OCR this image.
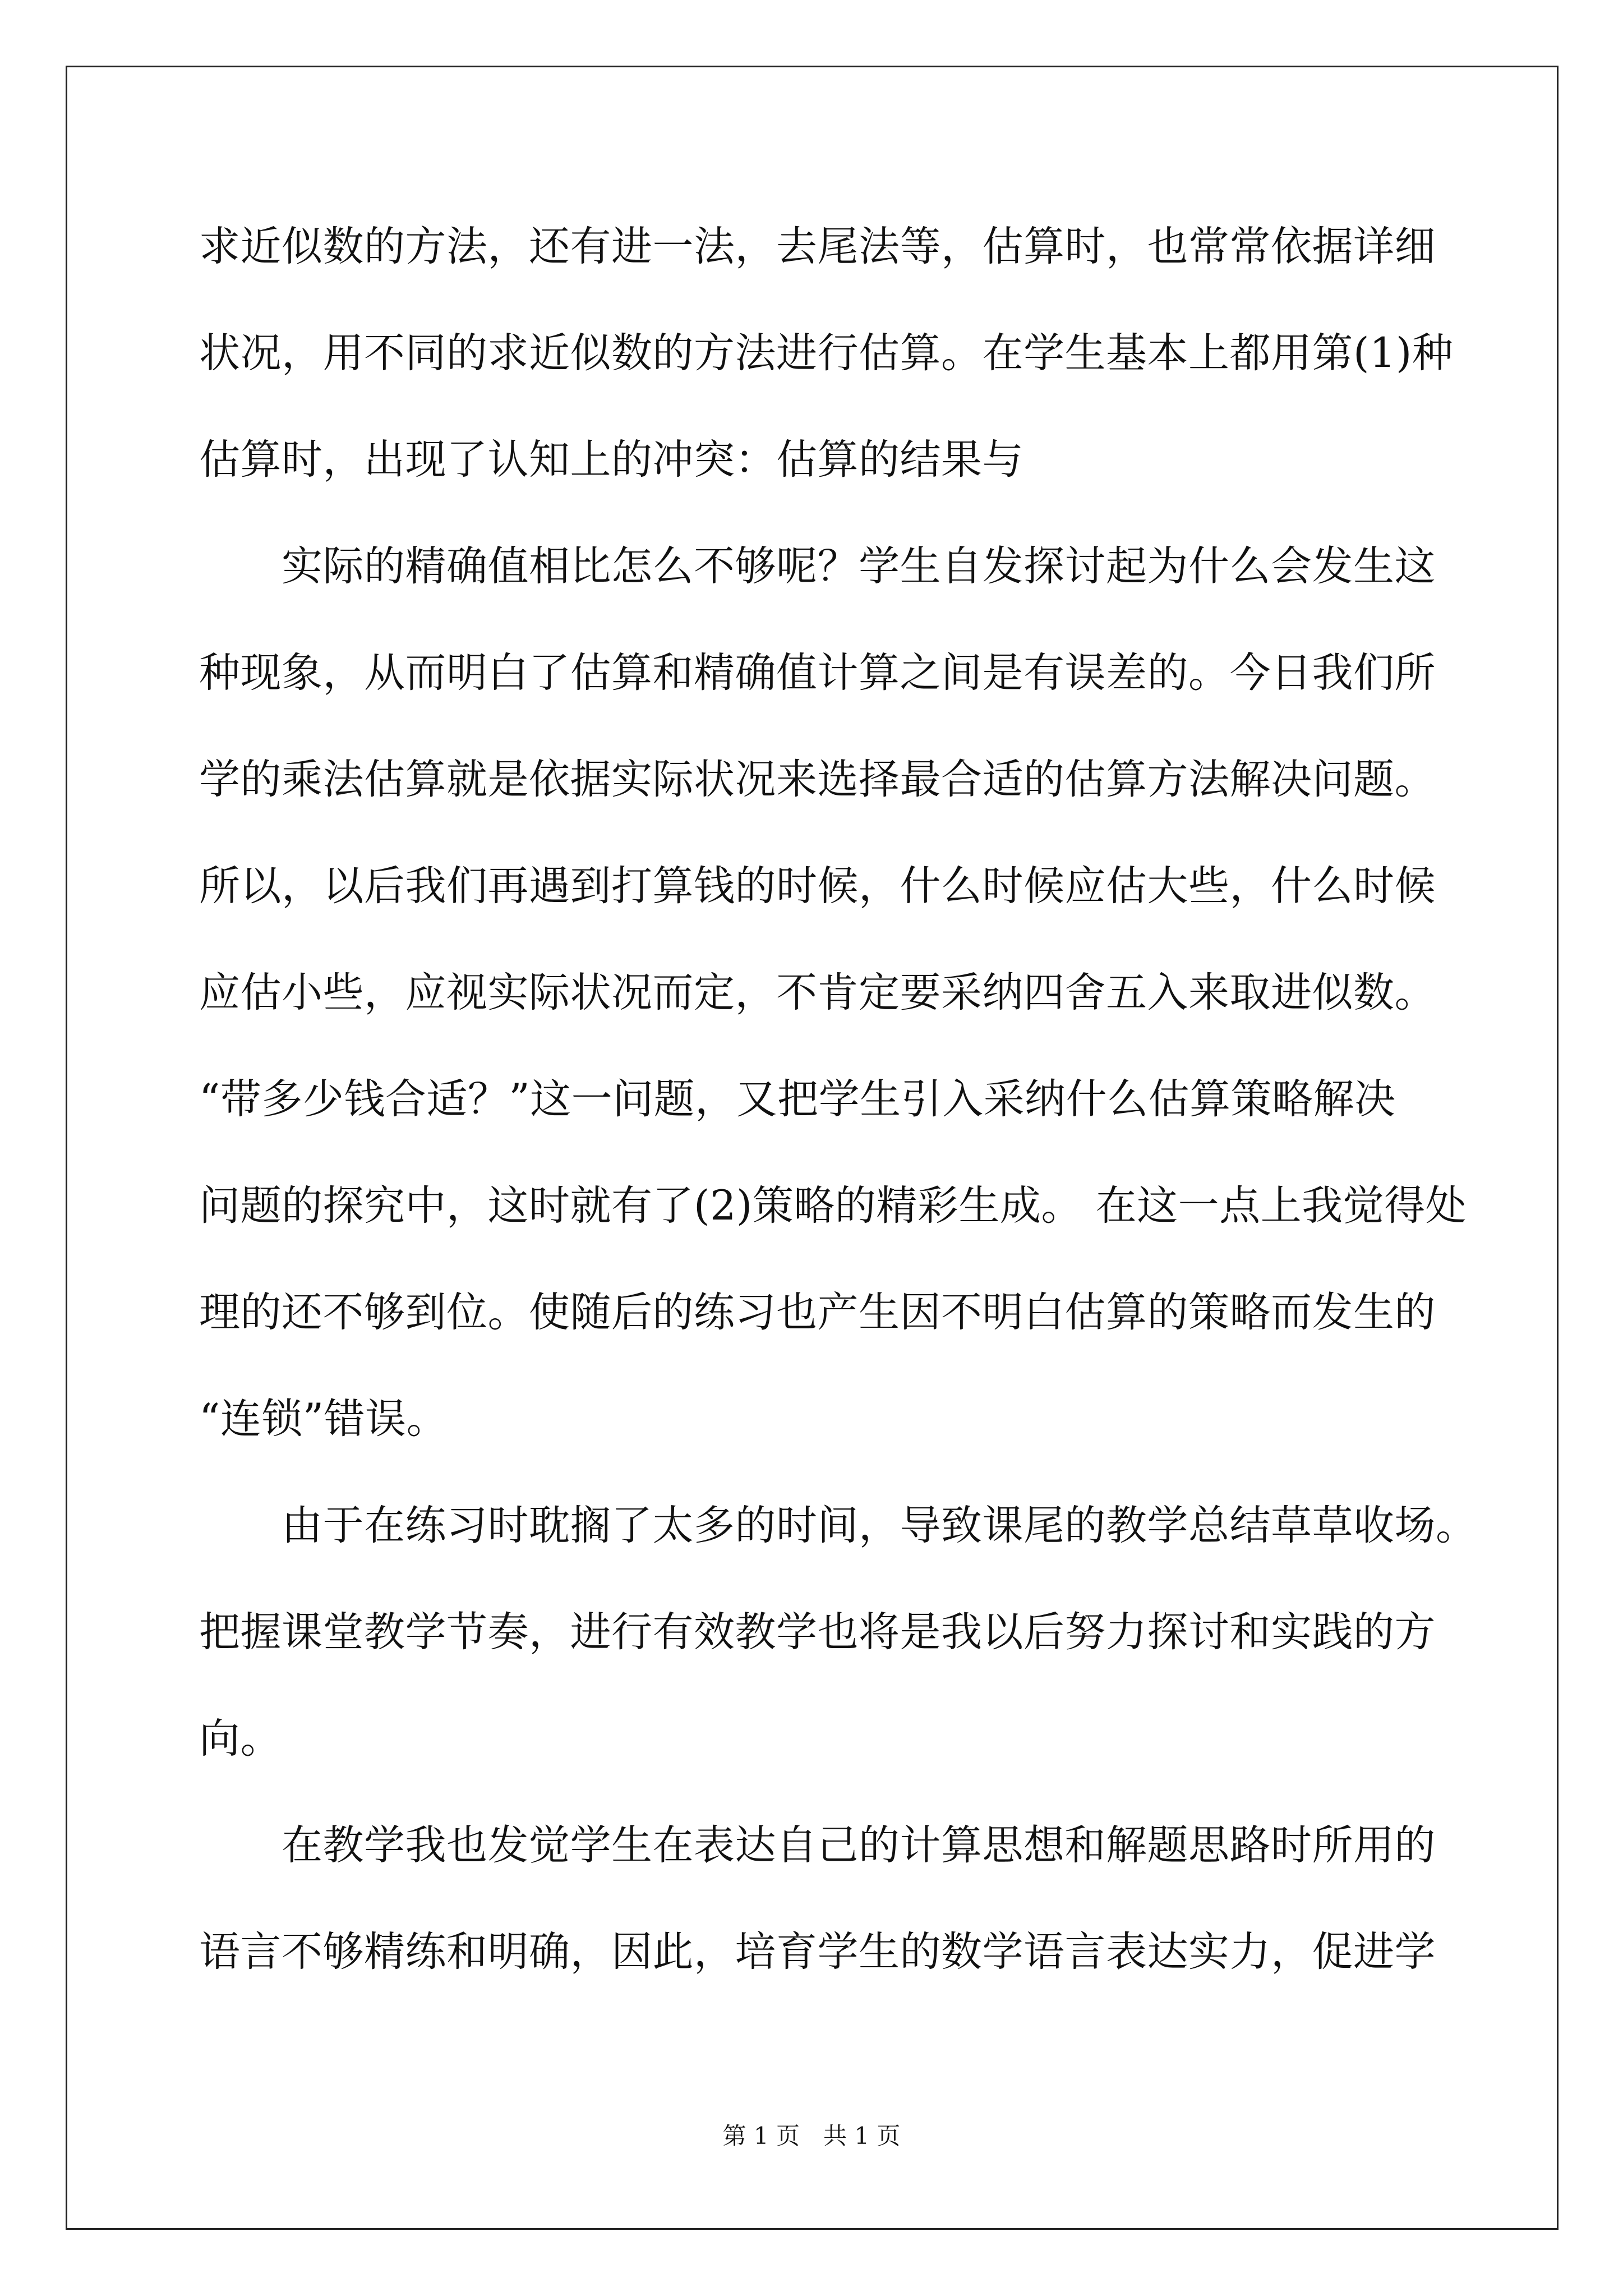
求近似数的方法，还有进一法，去尾法等，估算时，也常常依据详细
状况，用不同的求近似数的方法进行估算。在学生基本上都用第(1)种
估算时，出现了认知上的冲突：估算的结果与
　　实际的精确值相比怎么不够呢？学生自发探讨起为什么会发生这
种现象，从而明白了估算和精确值计算之间是有误差的。今日我们所
学的乘法估算就是依据实际状况来选择最合适的估算方法解决问题。
所以，以后我们再遇到打算钱的时候，什么时候应估大些，什么时候
应估小些，应视实际状况而定，不肯定要采纳四舍五入来取进似数。
“带多少钱合适？”这一问题，又把学生引入采纳什么估算策略解决
问题的探究中，这时就有了(2)策略的精彩生成。 在这一点上我觉得处
理的还不够到位。使随后的练习也产生因不明白估算的策略而发生的
“连锁”错误。
　　由于在练习时耽搁了太多的时间，导致课尾的教学总结草草收场。
把握课堂教学节奏，进行有效教学也将是我以后努力探讨和实践的方
向。
　　在教学我也发觉学生在表达自己的计算思想和解题思路时所用的
语言不够精练和明确，因此，培育学生的数学语言表达实力，促进学
第 1 页　共 1 页
